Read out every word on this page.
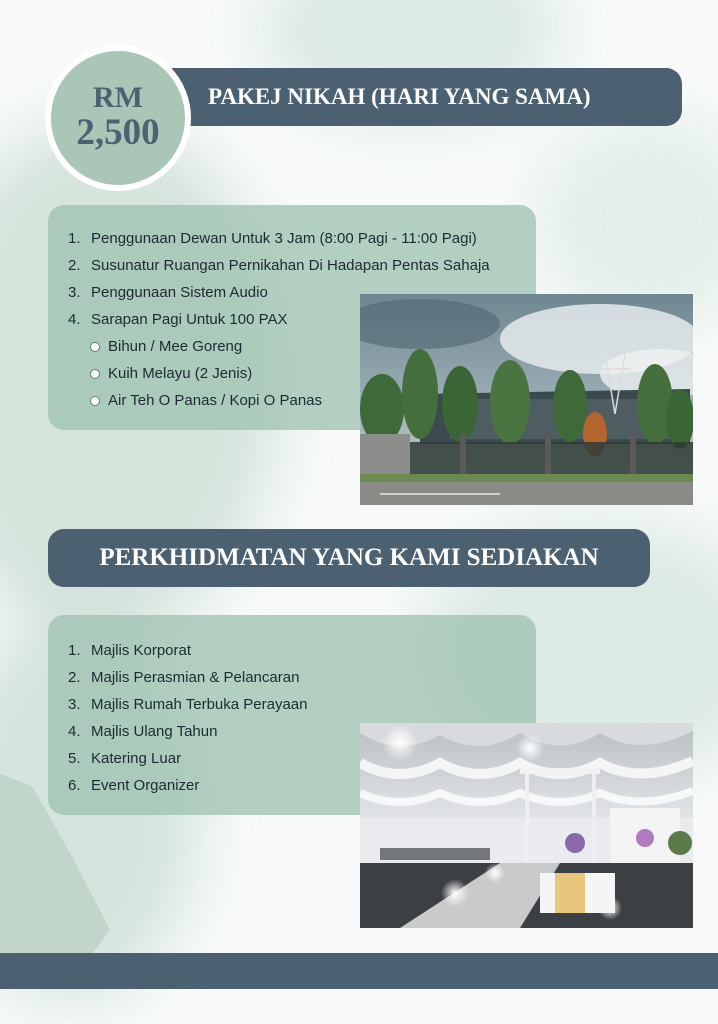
RM
2,500
PAKEJ NIKAH (HARI YANG SAMA)
1. Penggunaan Dewan Untuk 3 Jam (8:00 Pagi - 11:00 Pagi)
2. Susunatur Ruangan Pernikahan Di Hadapan Pentas Sahaja
3. Penggunaan Sistem Audio
4. Sarapan Pagi Untuk 100 PAX
Bihun / Mee Goreng
Kuih Melayu (2 Jenis)
Air Teh O Panas / Kopi O Panas
PERKHIDMATAN YANG KAMI SEDIAKAN
1. Majlis Korporat
2. Majlis Perasmian & Pelancaran
3. Majlis Rumah Terbuka Perayaan
4. Majlis Ulang Tahun
5. Katering Luar
6. Event Organizer
